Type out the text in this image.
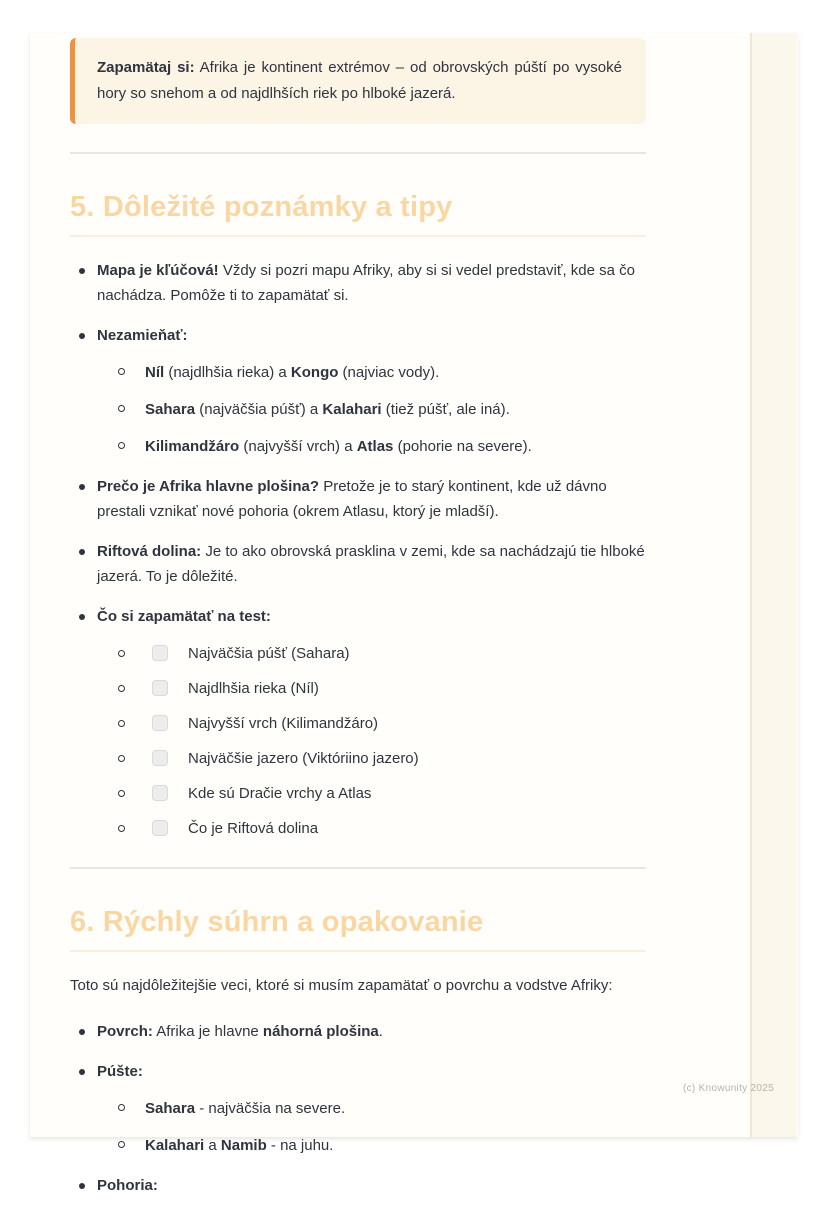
Zapamätaj si: Afrika je kontinent extrémov – od obrovských púští po vysoké hory so snehom a od najdlhších riek po hlboké jazerá.
5. Dôležité poznámky a tipy
Mapa je kľúčová! Vždy si pozri mapu Afriky, aby si si vedel predstaviť, kde sa čo nachádza. Pomôže ti to zapamätať si.
Nezamieňať:
Níl (najdlhšia rieka) a Kongo (najviac vody).
Sahara (najväčšia púšť) a Kalahari (tiež púšť, ale iná).
Kilimandžáro (najvyšší vrch) a Atlas (pohorie na severe).
Prečo je Afrika hlavne plošina? Pretože je to starý kontinent, kde už dávno prestali vznikať nové pohoria (okrem Atlasu, ktorý je mladší).
Riftová dolina: Je to ako obrovská prasklina v zemi, kde sa nachádzajú tie hlboké jazerá. To je dôležité.
Čo si zapamätať na test:
Najväčšia púšť (Sahara)
Najdlhšia rieka (Níl)
Najvyšší vrch (Kilimandžáro)
Najväčšie jazero (Viktóriino jazero)
Kde sú Dračie vrchy a Atlas
Čo je Riftová dolina
6. Rýchly súhrn a opakovanie

Toto sú najdôležitejšie veci, ktoré si musím zapamätať o povrchu a vodstve Afriky:

Povrch: Afrika je hlavne náhorná plošina.
Púšte:
Sahara - najväčšia na severe.
Kalahari a Namib - na juhu.
Pohoria:
(c) Knowunity 2025
